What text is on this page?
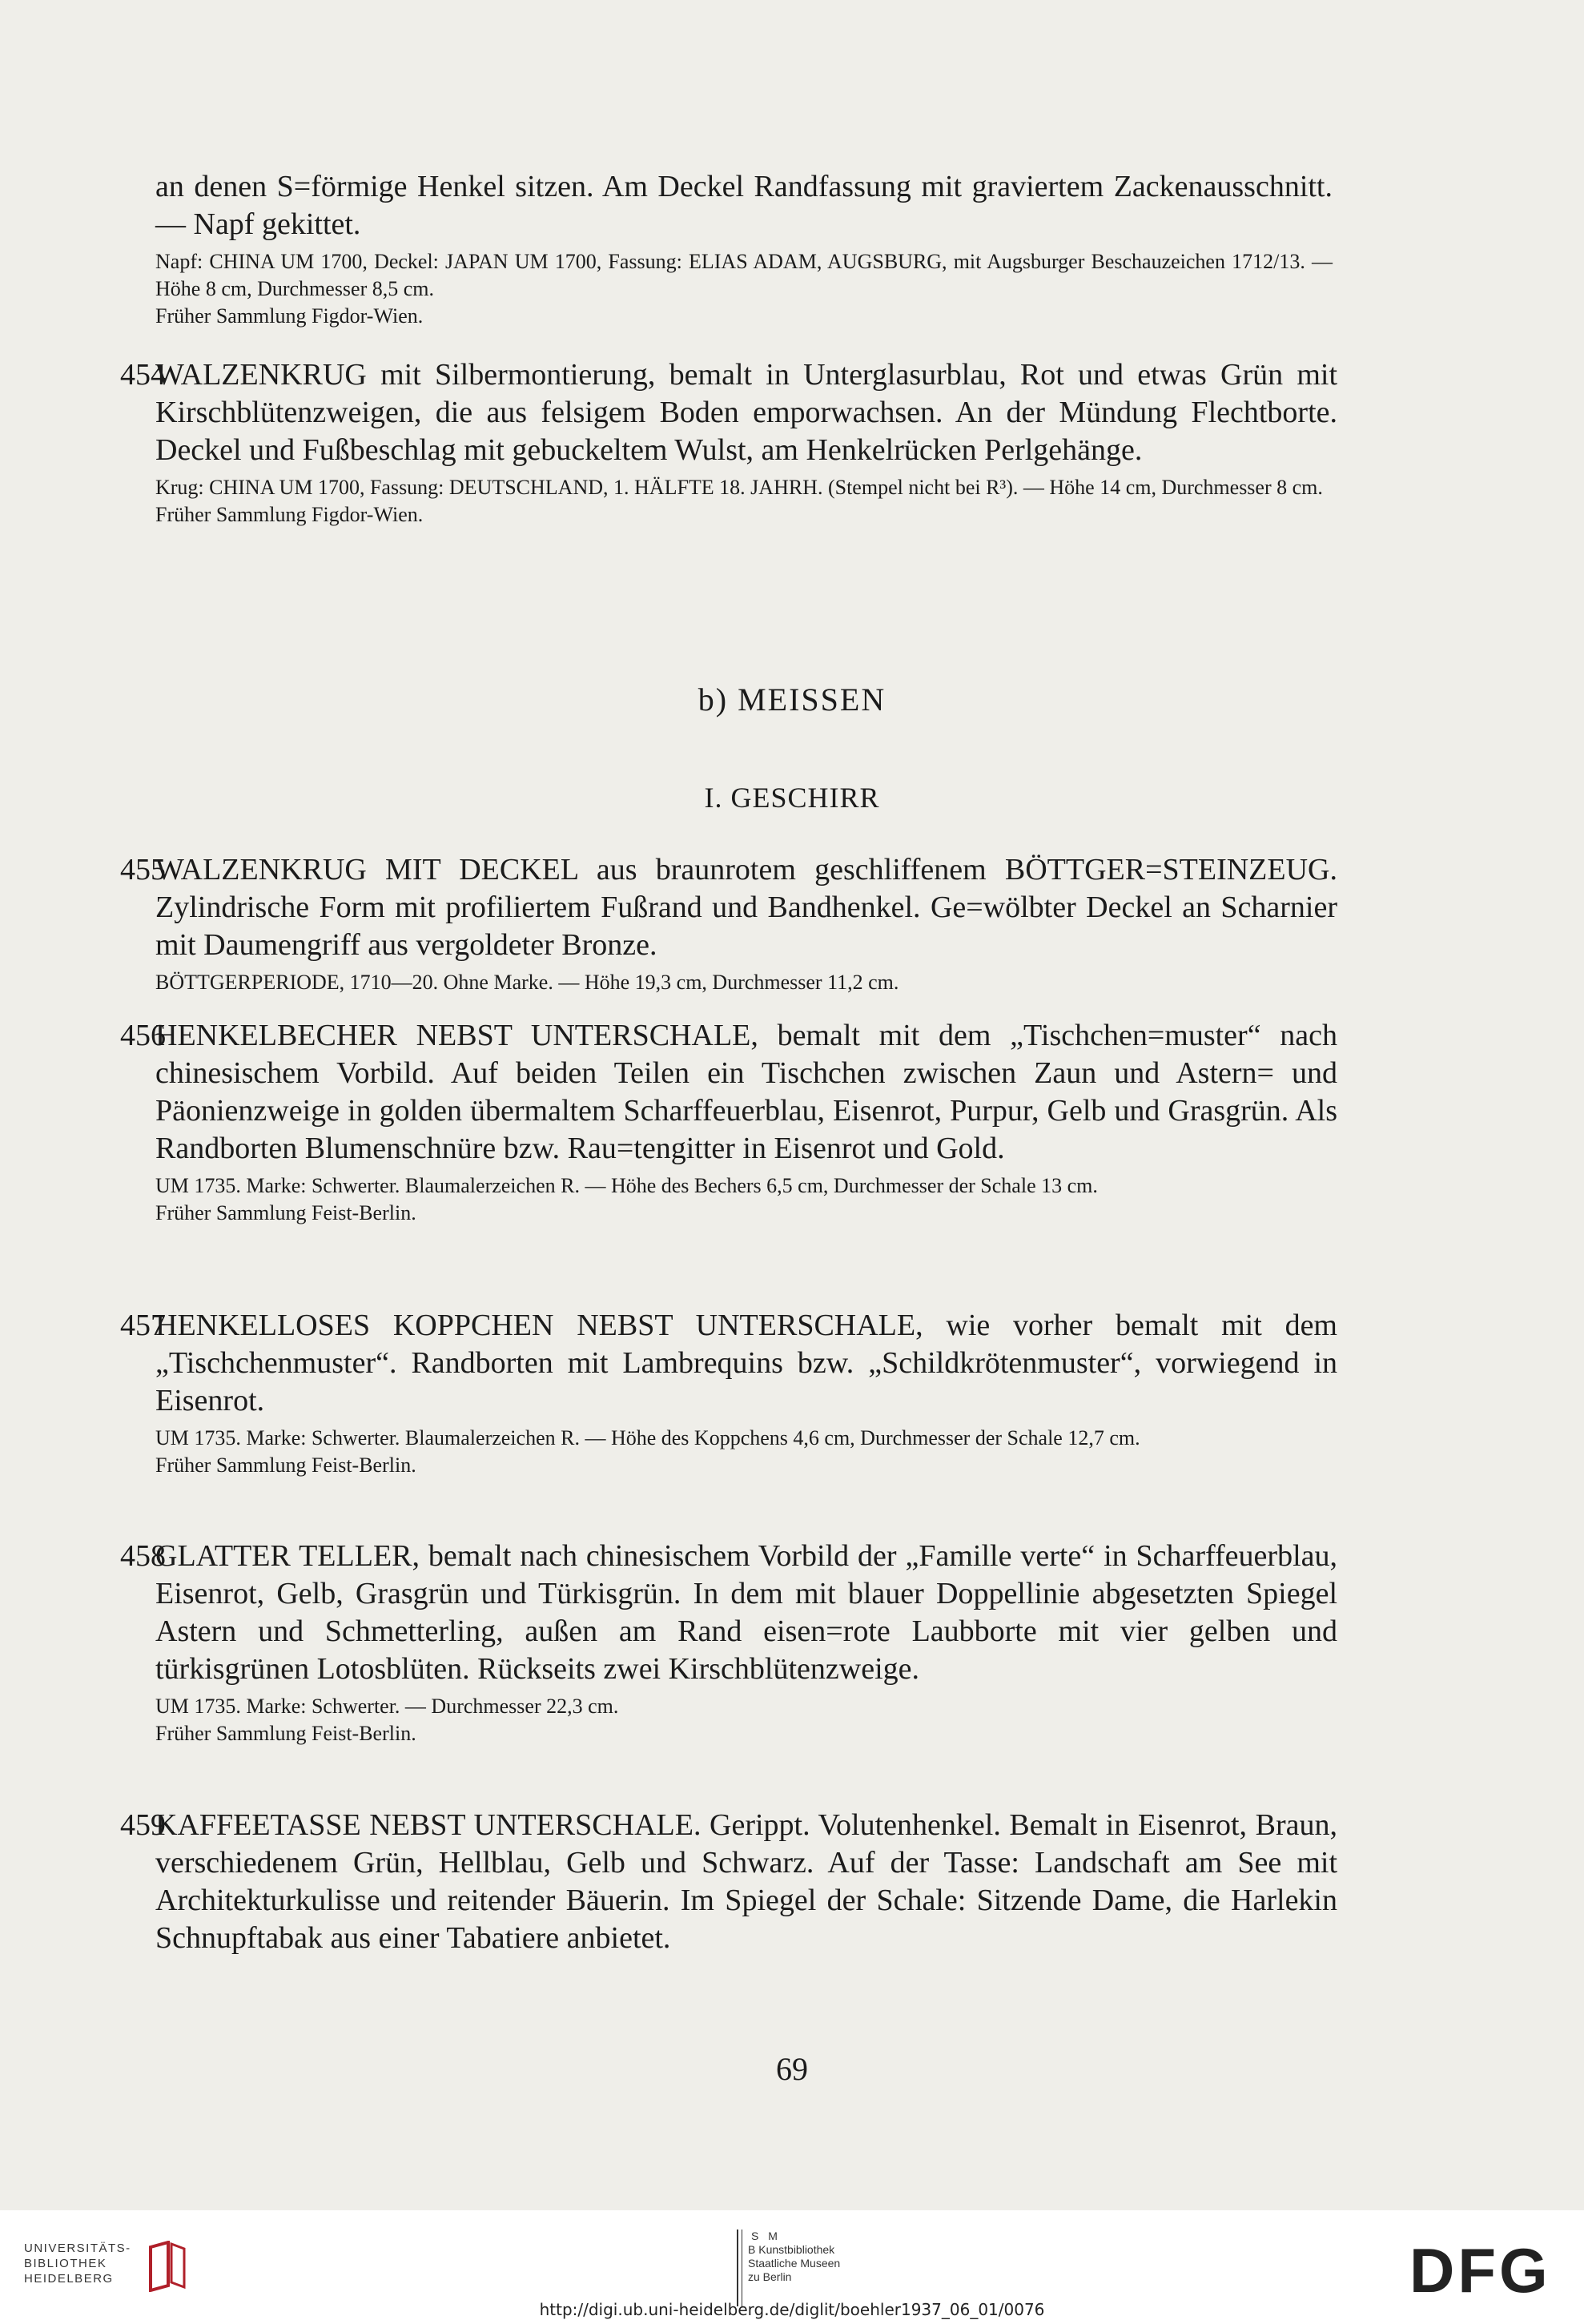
an denen S=förmige Henkel sitzen. Am Deckel Randfassung mit graviertem Zackenausschnitt. — Napf gekittet.

Napf: CHINA UM 1700, Deckel: JAPAN UM 1700, Fassung: ELIAS ADAM, AUGSBURG, mit Augsburger Beschauzeichen 1712/13. — Höhe 8 cm, Durchmesser 8,5 cm.

Früher Sammlung Figdor-Wien.

454

WALZENKRUG mit Silbermontierung, bemalt in Unterglasurblau, Rot und etwas Grün mit Kirschblütenzweigen, die aus felsigem Boden emporwachsen. An der Mündung Flechtborte. Deckel und Fußbeschlag mit gebuckeltem Wulst, am Henkelrücken Perlgehänge.

Krug: CHINA UM 1700, Fassung: DEUTSCHLAND, 1. HÄLFTE 18. JAHRH. (Stempel nicht bei R³). — Höhe 14 cm, Durchmesser 8 cm.

Früher Sammlung Figdor-Wien.

b) MEISSEN
I. GESCHIRR
455

WALZENKRUG MIT DECKEL aus braunrotem geschliffenem BÖTTGER=STEINZEUG. Zylindrische Form mit profiliertem Fußrand und Bandhenkel. Ge=wölbter Deckel an Scharnier mit Daumengriff aus vergoldeter Bronze.

BÖTTGERPERIODE, 1710—20. Ohne Marke. — Höhe 19,3 cm, Durchmesser 11,2 cm.

456

HENKELBECHER NEBST UNTERSCHALE, bemalt mit dem „Tischchen=muster“ nach chinesischem Vorbild. Auf beiden Teilen ein Tischchen zwischen Zaun und Astern= und Päonienzweige in golden übermaltem Scharffeuerblau, Eisenrot, Purpur, Gelb und Grasgrün. Als Randborten Blumenschnüre bzw. Rau=tengitter in Eisenrot und Gold.

UM 1735. Marke: Schwerter. Blaumalerzeichen R. — Höhe des Bechers 6,5 cm, Durchmesser der Schale 13 cm.

Früher Sammlung Feist-Berlin.

457

HENKELLOSES KOPPCHEN NEBST UNTERSCHALE, wie vorher bemalt mit dem „Tischchenmuster“. Randborten mit Lambrequins bzw. „Schildkrötenmuster“, vorwiegend in Eisenrot.

UM 1735. Marke: Schwerter. Blaumalerzeichen R. — Höhe des Koppchens 4,6 cm, Durchmesser der Schale 12,7 cm.

Früher Sammlung Feist-Berlin.

458

GLATTER TELLER, bemalt nach chinesischem Vorbild der „Famille verte“ in Scharffeuerblau, Eisenrot, Gelb, Grasgrün und Türkisgrün. In dem mit blauer Doppellinie abgesetzten Spiegel Astern und Schmetterling, außen am Rand eisen=rote Laubborte mit vier gelben und türkisgrünen Lotosblüten. Rückseits zwei Kirschblütenzweige.

UM 1735. Marke: Schwerter. — Durchmesser 22,3 cm.

Früher Sammlung Feist-Berlin.

459

KAFFEETASSE NEBST UNTERSCHALE. Gerippt. Volutenhenkel. Bemalt in Eisenrot, Braun, verschiedenem Grün, Hellblau, Gelb und Schwarz. Auf der Tasse: Landschaft am See mit Architekturkulisse und reitender Bäuerin. Im Spiegel der Schale: Sitzende Dame, die Harlekin Schnupftabak aus einer Tabatiere anbietet.

69
UNIVERSITÄTS-
BIBLIOTHEK
HEIDELBERG
S M
B Kunstbibliothek
Staatliche Museen
zu Berlin	DFG
http://digi.ub.uni-heidelberg.de/diglit/boehler1937_06_01/0076
